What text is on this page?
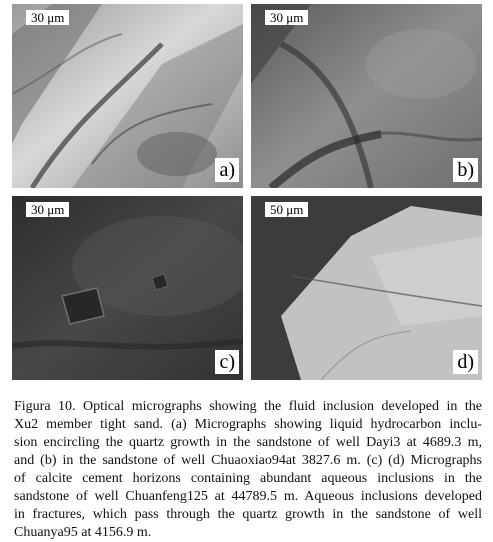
30 μm
a)
30 μm
b)
30 μm
c)
50 μm
d)
Figura 10. Optical micrographs showing the fluid inclusion developed in the
Xu2 member tight sand. (a) Micrographs showing liquid hydrocarbon inclu-
sion encircling the quartz growth in the sandstone of well Dayi3 at 4689.3 m,
and (b) in the sandstone of well Chuaoxiao94at 3827.6 m. (c) (d) Micrographs
of calcite cement horizons containing abundant aqueous inclusions in the
sandstone of well Chuanfeng125 at 44789.5 m. Aqueous inclusions developed
in fractures, which pass through the quartz growth in the sandstone of well
Chuanya95 at 4156.9 m.
